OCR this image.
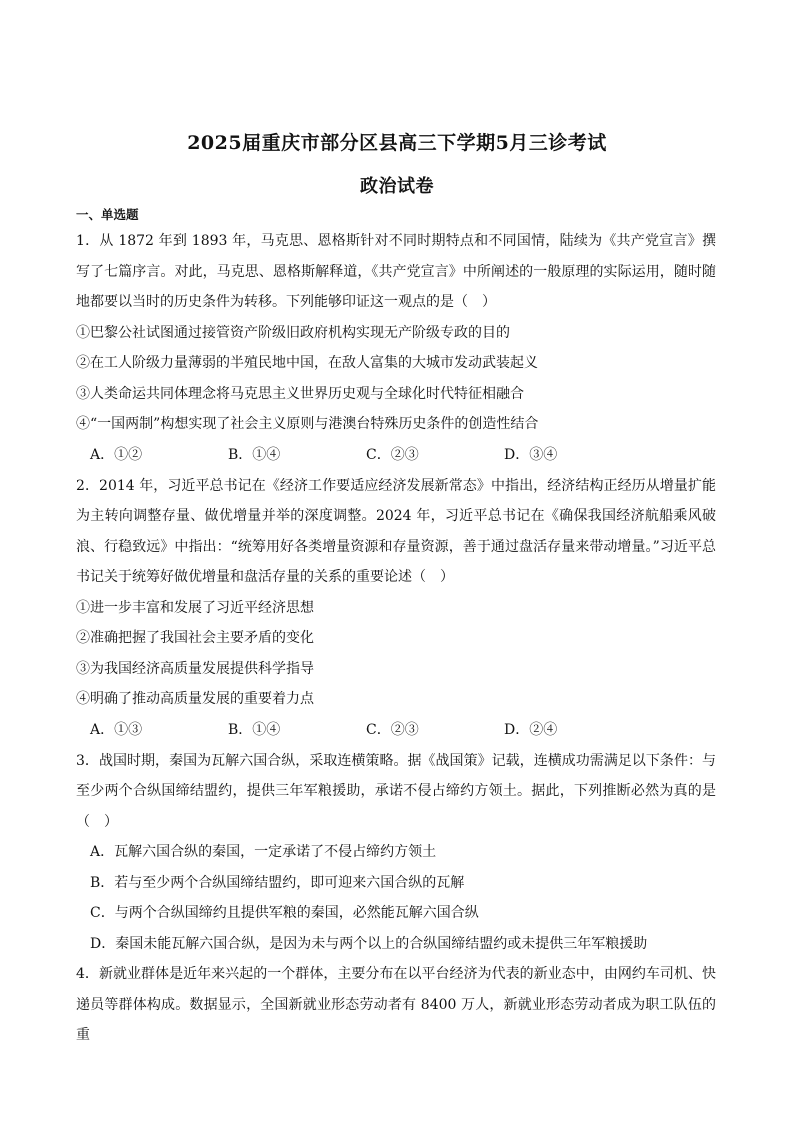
2025届重庆市部分区县高三下学期5月三诊考试
政治试卷
一、单选题

1．从 1872 年到 1893 年，马克思、恩格斯针对不同时期特点和不同国情，陆续为《共产党宣言》撰写了七篇序言。对此，马克思、恩格斯解释道，《共产党宣言》中所阐述的一般原理的实际运用，随时随地都要以当时的历史条件为转移。下列能够印证这一观点的是（　）

①巴黎公社试图通过接管资产阶级旧政府机构实现无产阶级专政的目的

②在工人阶级力量薄弱的半殖民地中国，在敌人富集的大城市发动武装起义

③人类命运共同体理念将马克思主义世界历史观与全球化时代特征相融合

④“一国两制”构想实现了社会主义原则与港澳台特殊历史条件的创造性结合

A．①②	B．①④	C．②③	D．③④

2．2014 年，习近平总书记在《经济工作要适应经济发展新常态》中指出，经济结构正经历从增量扩能为主转向调整存量、做优增量并举的深度调整。2024 年，习近平总书记在《确保我国经济航船乘风破浪、行稳致远》中指出：“统筹用好各类增量资源和存量资源，善于通过盘活存量来带动增量。”习近平总书记关于统筹好做优增量和盘活存量的关系的重要论述（　）

①进一步丰富和发展了习近平经济思想

②准确把握了我国社会主要矛盾的变化

③为我国经济高质量发展提供科学指导

④明确了推动高质量发展的重要着力点

A．①③	B．①④	C．②③	D．②④

3．战国时期，秦国为瓦解六国合纵，采取连横策略。据《战国策》记载，连横成功需满足以下条件：与至少两个合纵国缔结盟约，提供三年军粮援助，承诺不侵占缔约方领土。据此，下列推断必然为真的是（　）

A．瓦解六国合纵的秦国，一定承诺了不侵占缔约方领土

B．若与至少两个合纵国缔结盟约，即可迎来六国合纵的瓦解

C．与两个合纵国缔约且提供军粮的秦国，必然能瓦解六国合纵

D．秦国未能瓦解六国合纵，是因为未与两个以上的合纵国缔结盟约或未提供三年军粮援助

4．新就业群体是近年来兴起的一个群体，主要分布在以平台经济为代表的新业态中，由网约车司机、快递员等群体构成。数据显示，全国新就业形态劳动者有 8400 万人，新就业形态劳动者成为职工队伍的重
